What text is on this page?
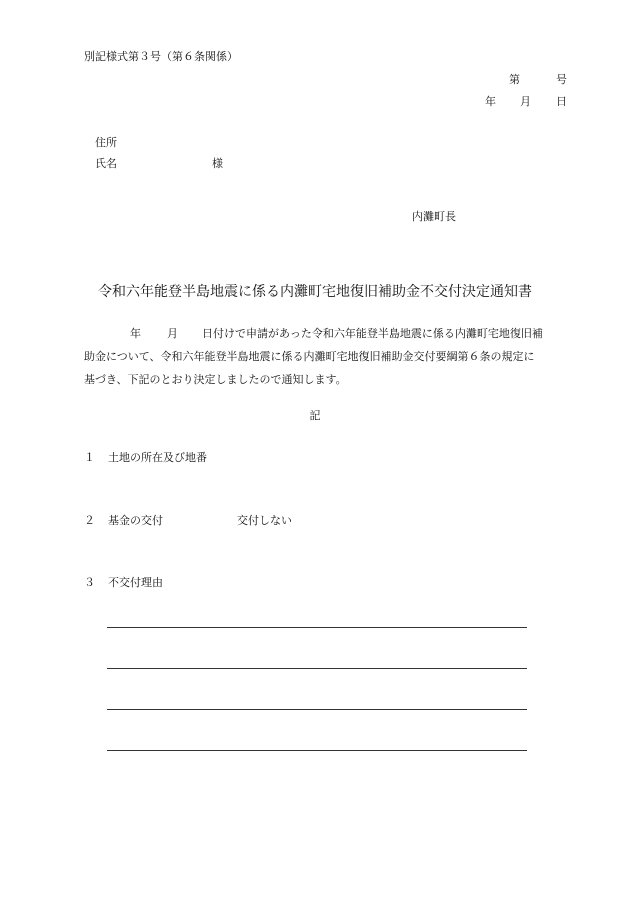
別記様式第３号（第６条関係）
第	号
年 月 日
住所
氏名	様
内灘町長
令和六年能登半島地震に係る内灘町宅地復旧補助金不交付決定通知書
年 月 日付けで申請があった令和六年能登半島地震に係る内灘町宅地復旧補
助金について、令和六年能登半島地震に係る内灘町宅地復旧補助金交付要綱第６条の規定に
基づき、下記のとおり決定しましたので通知します。
記
１ 土地の所在及び地番
２ 基金の交付	交付しない
３ 不交付理由
